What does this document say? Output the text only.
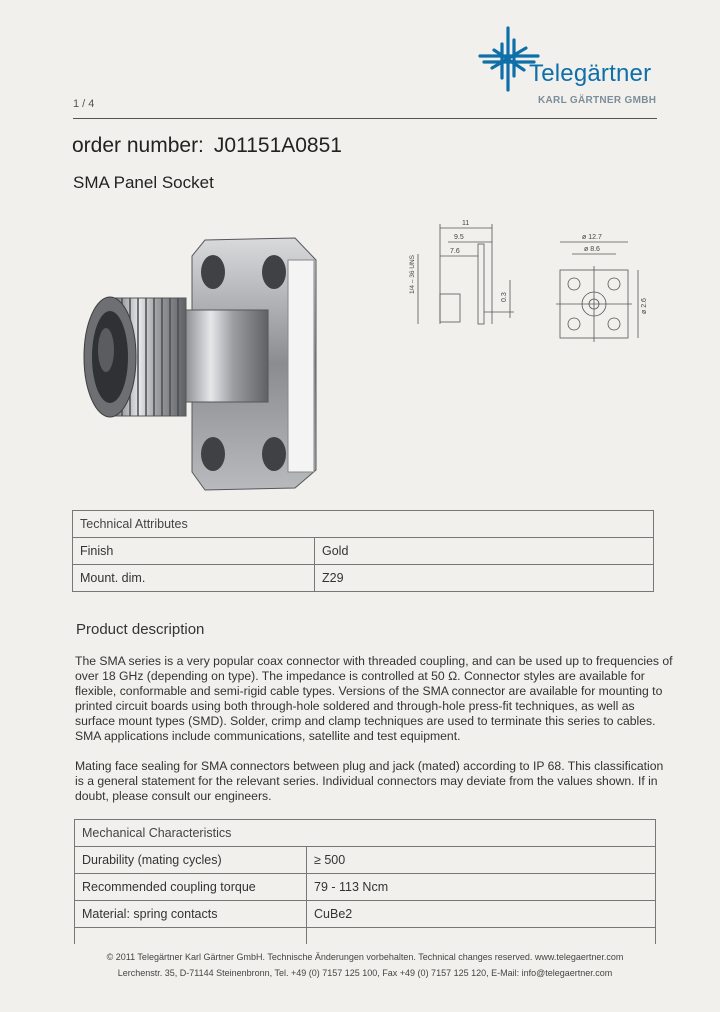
Telegärtner
KARL GÄRTNER GMBH
1 / 4
order number: J01151A0851
SMA Panel Socket
11
9.5
7.6
0.3
1/4 – 36 UNS
ø 12.7
ø 8.6
ø 2.6
Technical Attributes	
Finish	Gold
Mount. dim.	Z29
Product description
The SMA series is a very popular coax connector with threaded coupling, and can be used up to frequencies of over 18 GHz (depending on type). The impedance is controlled at 50 Ω. Connector styles are available for flexible, conformable and semi-rigid cable types. Versions of the SMA connector are available for mounting to printed circuit boards using both through-hole soldered and through-hole press-fit techniques, as well as surface mount types (SMD). Solder, crimp and clamp techniques are used to terminate this series to cables. SMA applications include communications, satellite and test equipment.
Mating face sealing for SMA connectors between plug and jack (mated) according to IP 68. This classification is a general statement for the relevant series. Individual connectors may deviate from the values shown. If in doubt, please consult our engineers.
Mechanical Characteristics	
Durability (mating cycles)	≥ 500
Recommended coupling torque	79 - 113 Ncm
Material: spring contacts	CuBe2

© 2011 Telegärtner Karl Gärtner GmbH. Technische Änderungen vorbehalten. Technical changes reserved. www.telegaertner.com
Lerchenstr. 35, D-71144 Steinenbronn, Tel. +49 (0) 7157 125 100, Fax +49 (0) 7157 125 120, E-Mail: info@telegaertner.com
